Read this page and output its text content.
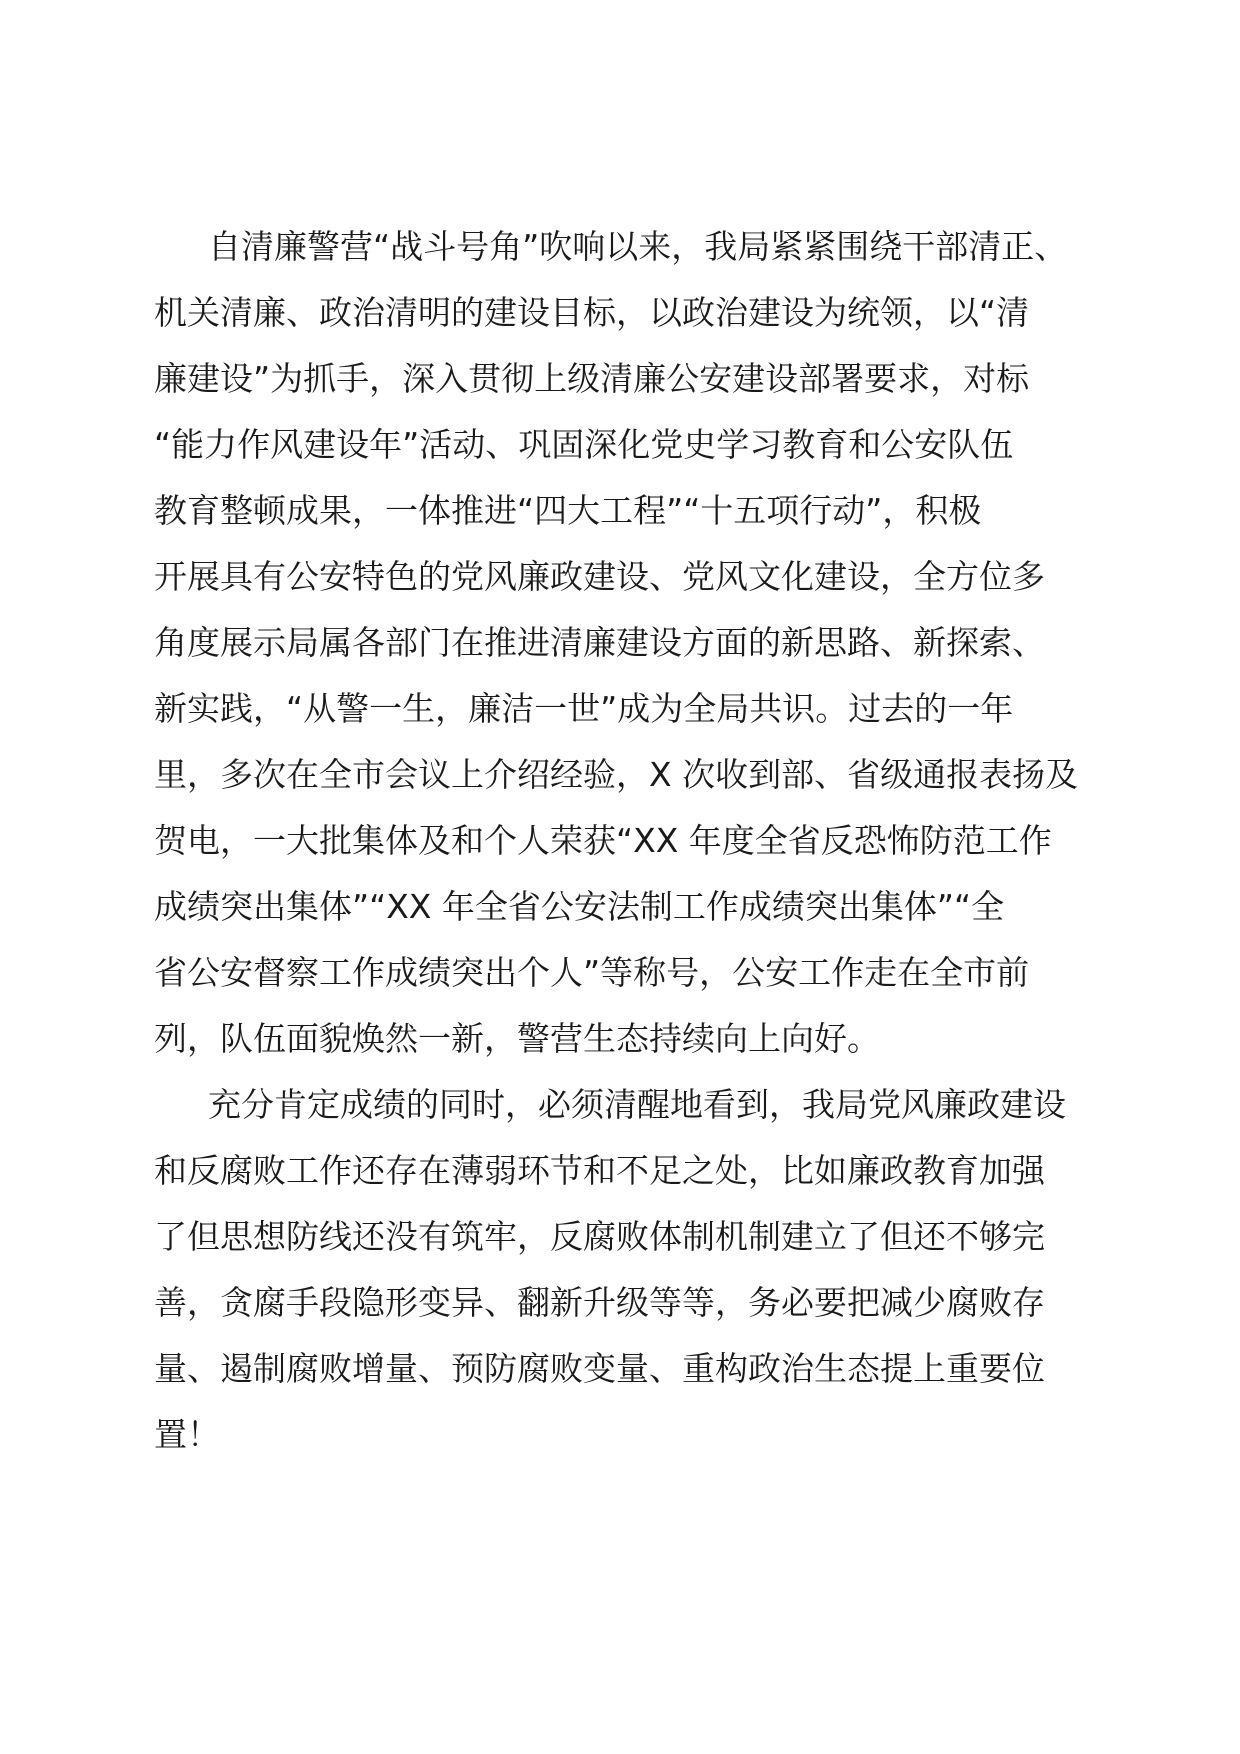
自清廉警营“战斗号角”吹响以来，我局紧紧围绕干部清正、
机关清廉、政治清明的建设目标，以政治建设为统领，以“清
廉建设”为抓手，深入贯彻上级清廉公安建设部署要求，对标
“能力作风建设年”活动、巩固深化党史学习教育和公安队伍
教育整顿成果，一体推进“四大工程”“十五项行动”，积极
开展具有公安特色的党风廉政建设、党风文化建设，全方位多
角度展示局属各部门在推进清廉建设方面的新思路、新探索、
新实践，“从警一生，廉洁一世”成为全局共识。过去的一年
里，多次在全市会议上介绍经验，X 次收到部、省级通报表扬及
贺电，一大批集体及和个人荣获“XX 年度全省反恐怖防范工作
成绩突出集体”“XX 年全省公安法制工作成绩突出集体”“全
省公安督察工作成绩突出个人”等称号，公安工作走在全市前
列，队伍面貌焕然一新，警营生态持续向上向好。
充分肯定成绩的同时，必须清醒地看到，我局党风廉政建设
和反腐败工作还存在薄弱环节和不足之处，比如廉政教育加强
了但思想防线还没有筑牢，反腐败体制机制建立了但还不够完
善，贪腐手段隐形变异、翻新升级等等，务必要把减少腐败存
量、遏制腐败增量、预防腐败变量、重构政治生态提上重要位
置！
